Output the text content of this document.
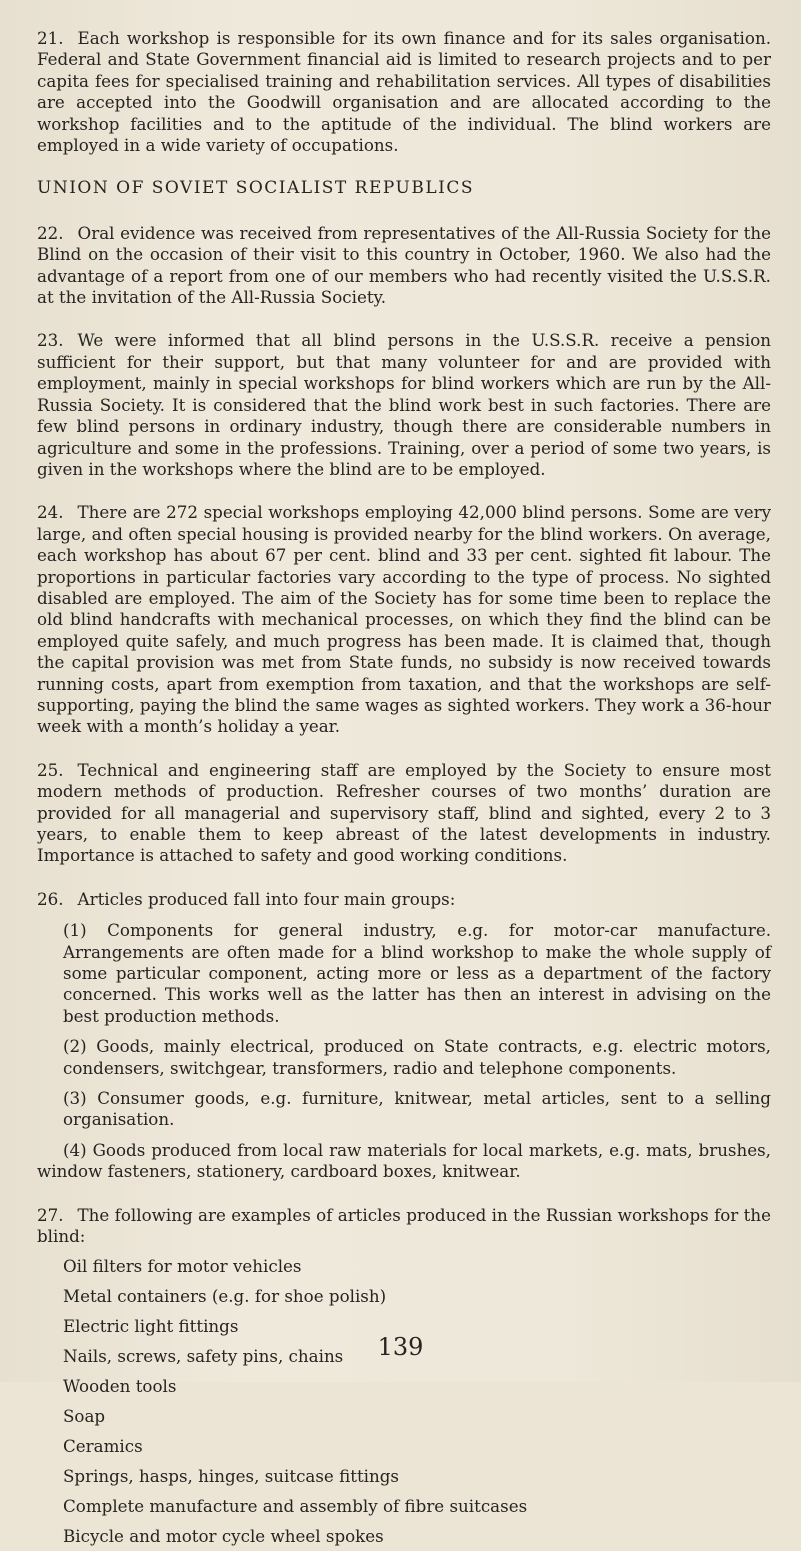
21. Each workshop is responsible for its own finance and for its sales organisation. Federal and State Government financial aid is limited to research projects and to per capita fees for specialised training and rehabilitation services. All types of disabilities are accepted into the Goodwill organisation and are allocated according to the workshop facilities and to the aptitude of the individual. The blind workers are employed in a wide variety of occupations.

UNION OF SOVIET SOCIALIST REPUBLICS

22. Oral evidence was received from representatives of the All-Russia Society for the Blind on the occasion of their visit to this country in October, 1960. We also had the advantage of a report from one of our members who had recently visited the U.S.S.R. at the invitation of the All-Russia Society.

23. We were informed that all blind persons in the U.S.S.R. receive a pension sufficient for their support, but that many volunteer for and are provided with employment, mainly in special workshops for blind workers which are run by the All-Russia Society. It is considered that the blind work best in such factories. There are few blind persons in ordinary industry, though there are considerable numbers in agriculture and some in the professions. Training, over a period of some two years, is given in the workshops where the blind are to be employed.

24. There are 272 special workshops employing 42,000 blind persons. Some are very large, and often special housing is provided nearby for the blind workers. On average, each workshop has about 67 per cent. blind and 33 per cent. sighted fit labour. The proportions in particular factories vary according to the type of process. No sighted disabled are employed. The aim of the Society has for some time been to replace the old blind handcrafts with mechanical processes, on which they find the blind can be employed quite safely, and much progress has been made. It is claimed that, though the capital provision was met from State funds, no subsidy is now received towards running costs, apart from exemption from taxation, and that the workshops are self-supporting, paying the blind the same wages as sighted workers. They work a 36-hour week with a month’s holiday a year.

25. Technical and engineering staff are employed by the Society to ensure most modern methods of production. Refresher courses of two months’ duration are provided for all managerial and supervisory staff, blind and sighted, every 2 to 3 years, to enable them to keep abreast of the latest developments in industry. Importance is attached to safety and good working conditions.

26. Articles produced fall into four main groups:

(1) Components for general industry, e.g. for motor-car manufacture. Arrangements are often made for a blind workshop to make the whole supply of some particular component, acting more or less as a department of the factory concerned. This works well as the latter has then an interest in advising on the best production methods.

(2) Goods, mainly electrical, produced on State contracts, e.g. electric motors, condensers, switchgear, transformers, radio and telephone components.

(3) Consumer goods, e.g. furniture, knitwear, metal articles, sent to a selling organisation.

(4) Goods produced from local raw materials for local markets, e.g. mats, brushes, window fasteners, stationery, cardboard boxes, knitwear.

27. The following are examples of articles produced in the Russian workshops for the blind:

Oil filters for motor vehicles
Metal containers (e.g. for shoe polish)
Electric light fittings
Nails, screws, safety pins, chains
Wooden tools
Soap
Ceramics
Springs, hasps, hinges, suitcase fittings
Complete manufacture and assembly of fibre suitcases
Bicycle and motor cycle wheel spokes
139
